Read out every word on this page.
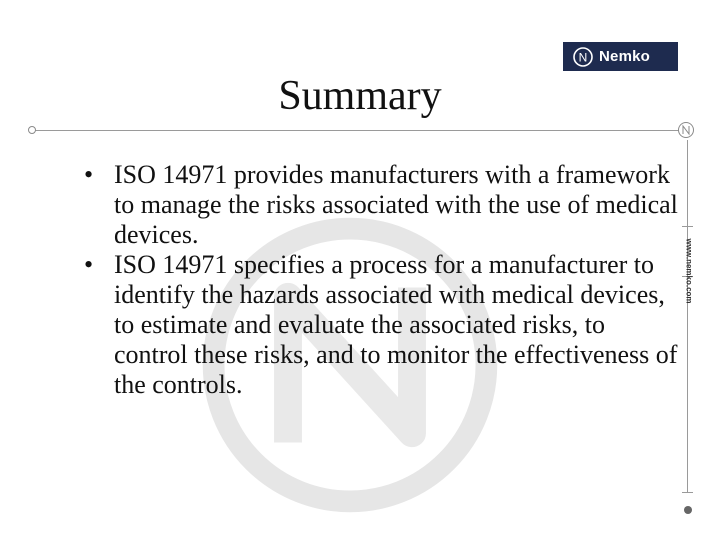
N Nemko
Summary
www.nemko.com
• ISO 14971 provides manufacturers with a framework to manage the risks associated with the use of medical devices.
• ISO 14971 specifies a process for a manufacturer to identify the hazards associated with medical devices, to estimate and evaluate the associated risks, to control these risks, and to monitor the effectiveness of the controls.
